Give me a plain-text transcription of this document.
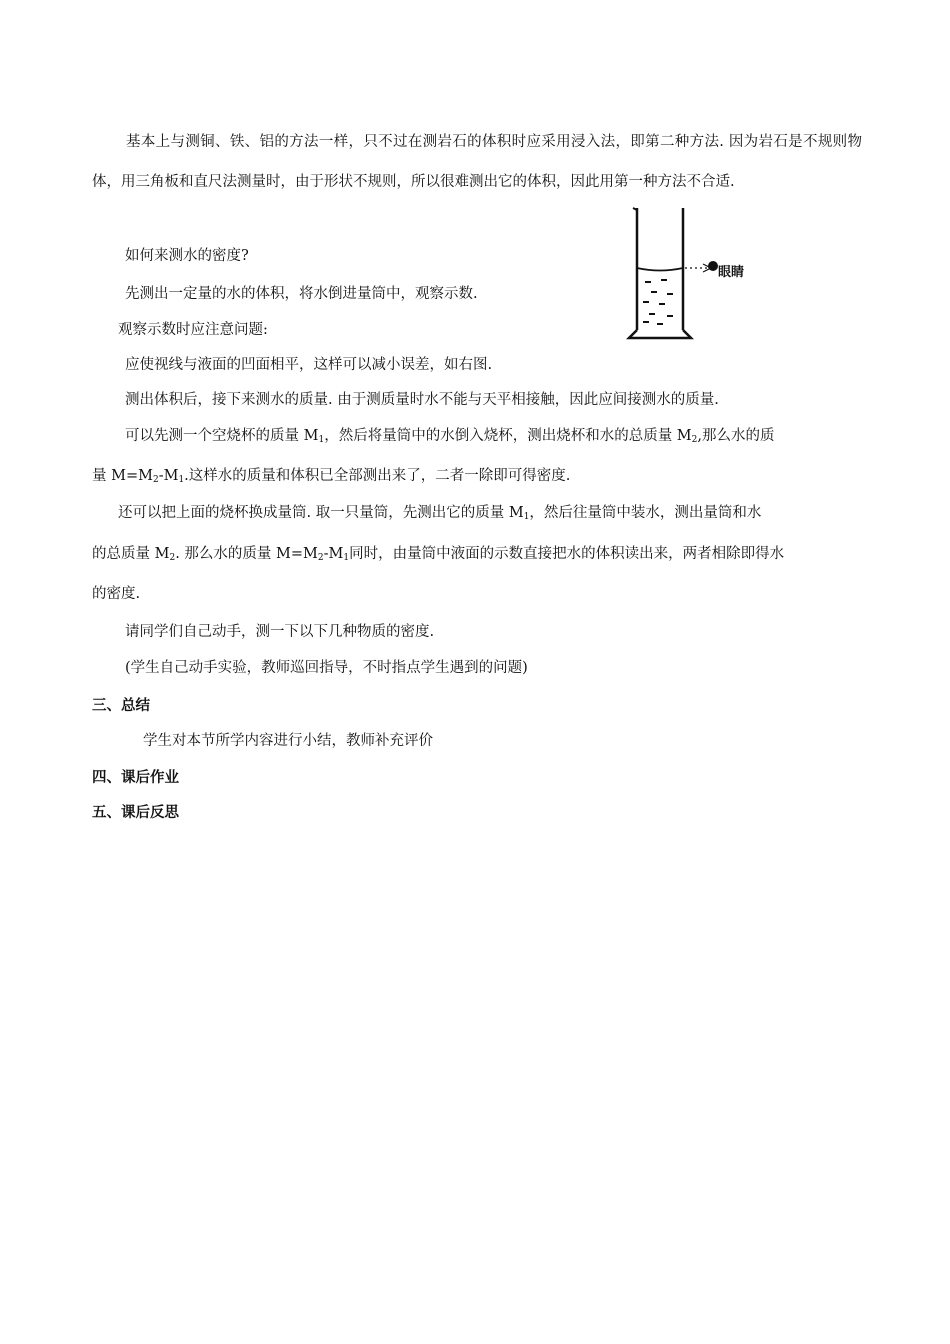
基本上与测铜、铁、铝的方法一样，只不过在测岩石的体积时应采用浸入法，即第二种方法. 因为岩石是不规则物体，用三角板和直尺法测量时，由于形状不规则，所以很难测出它的体积，因此用第一种方法不合适.
如何来测水的密度?
先测出一定量的水的体积，将水倒进量筒中，观察示数.
观察示数时应注意问题:
应使视线与液面的凹面相平，这样可以减小误差，如右图.
测出体积后，接下来测水的质量. 由于测质量时水不能与天平相接触，因此应间接测水的质量.
可以先测一个空烧杯的质量 $M_1$，然后将量筒中的水倒入烧杯，测出烧杯和水的总质量 $M_2$,那么水的质
量 $M=M_2-M_1$.这样水的质量和体积已全部测出来了，二者一除即可得密度.
还可以把上面的烧杯换成量筒. 取一只量筒，先测出它的质量 $M_1$，然后往量筒中装水，测出量筒和水
的总质量 $M_2$. 那么水的质量 $M=M_2-M_1$同时，由量筒中液面的示数直接把水的体积读出来，两者相除即得水
的密度.
请同学们自己动手，测一下以下几种物质的密度.
(学生自己动手实验，教师巡回指导，不时指点学生遇到的问题)
三、总结
学生对本节所学内容进行小结，教师补充评价
四、课后作业
五、课后反思
眼睛
